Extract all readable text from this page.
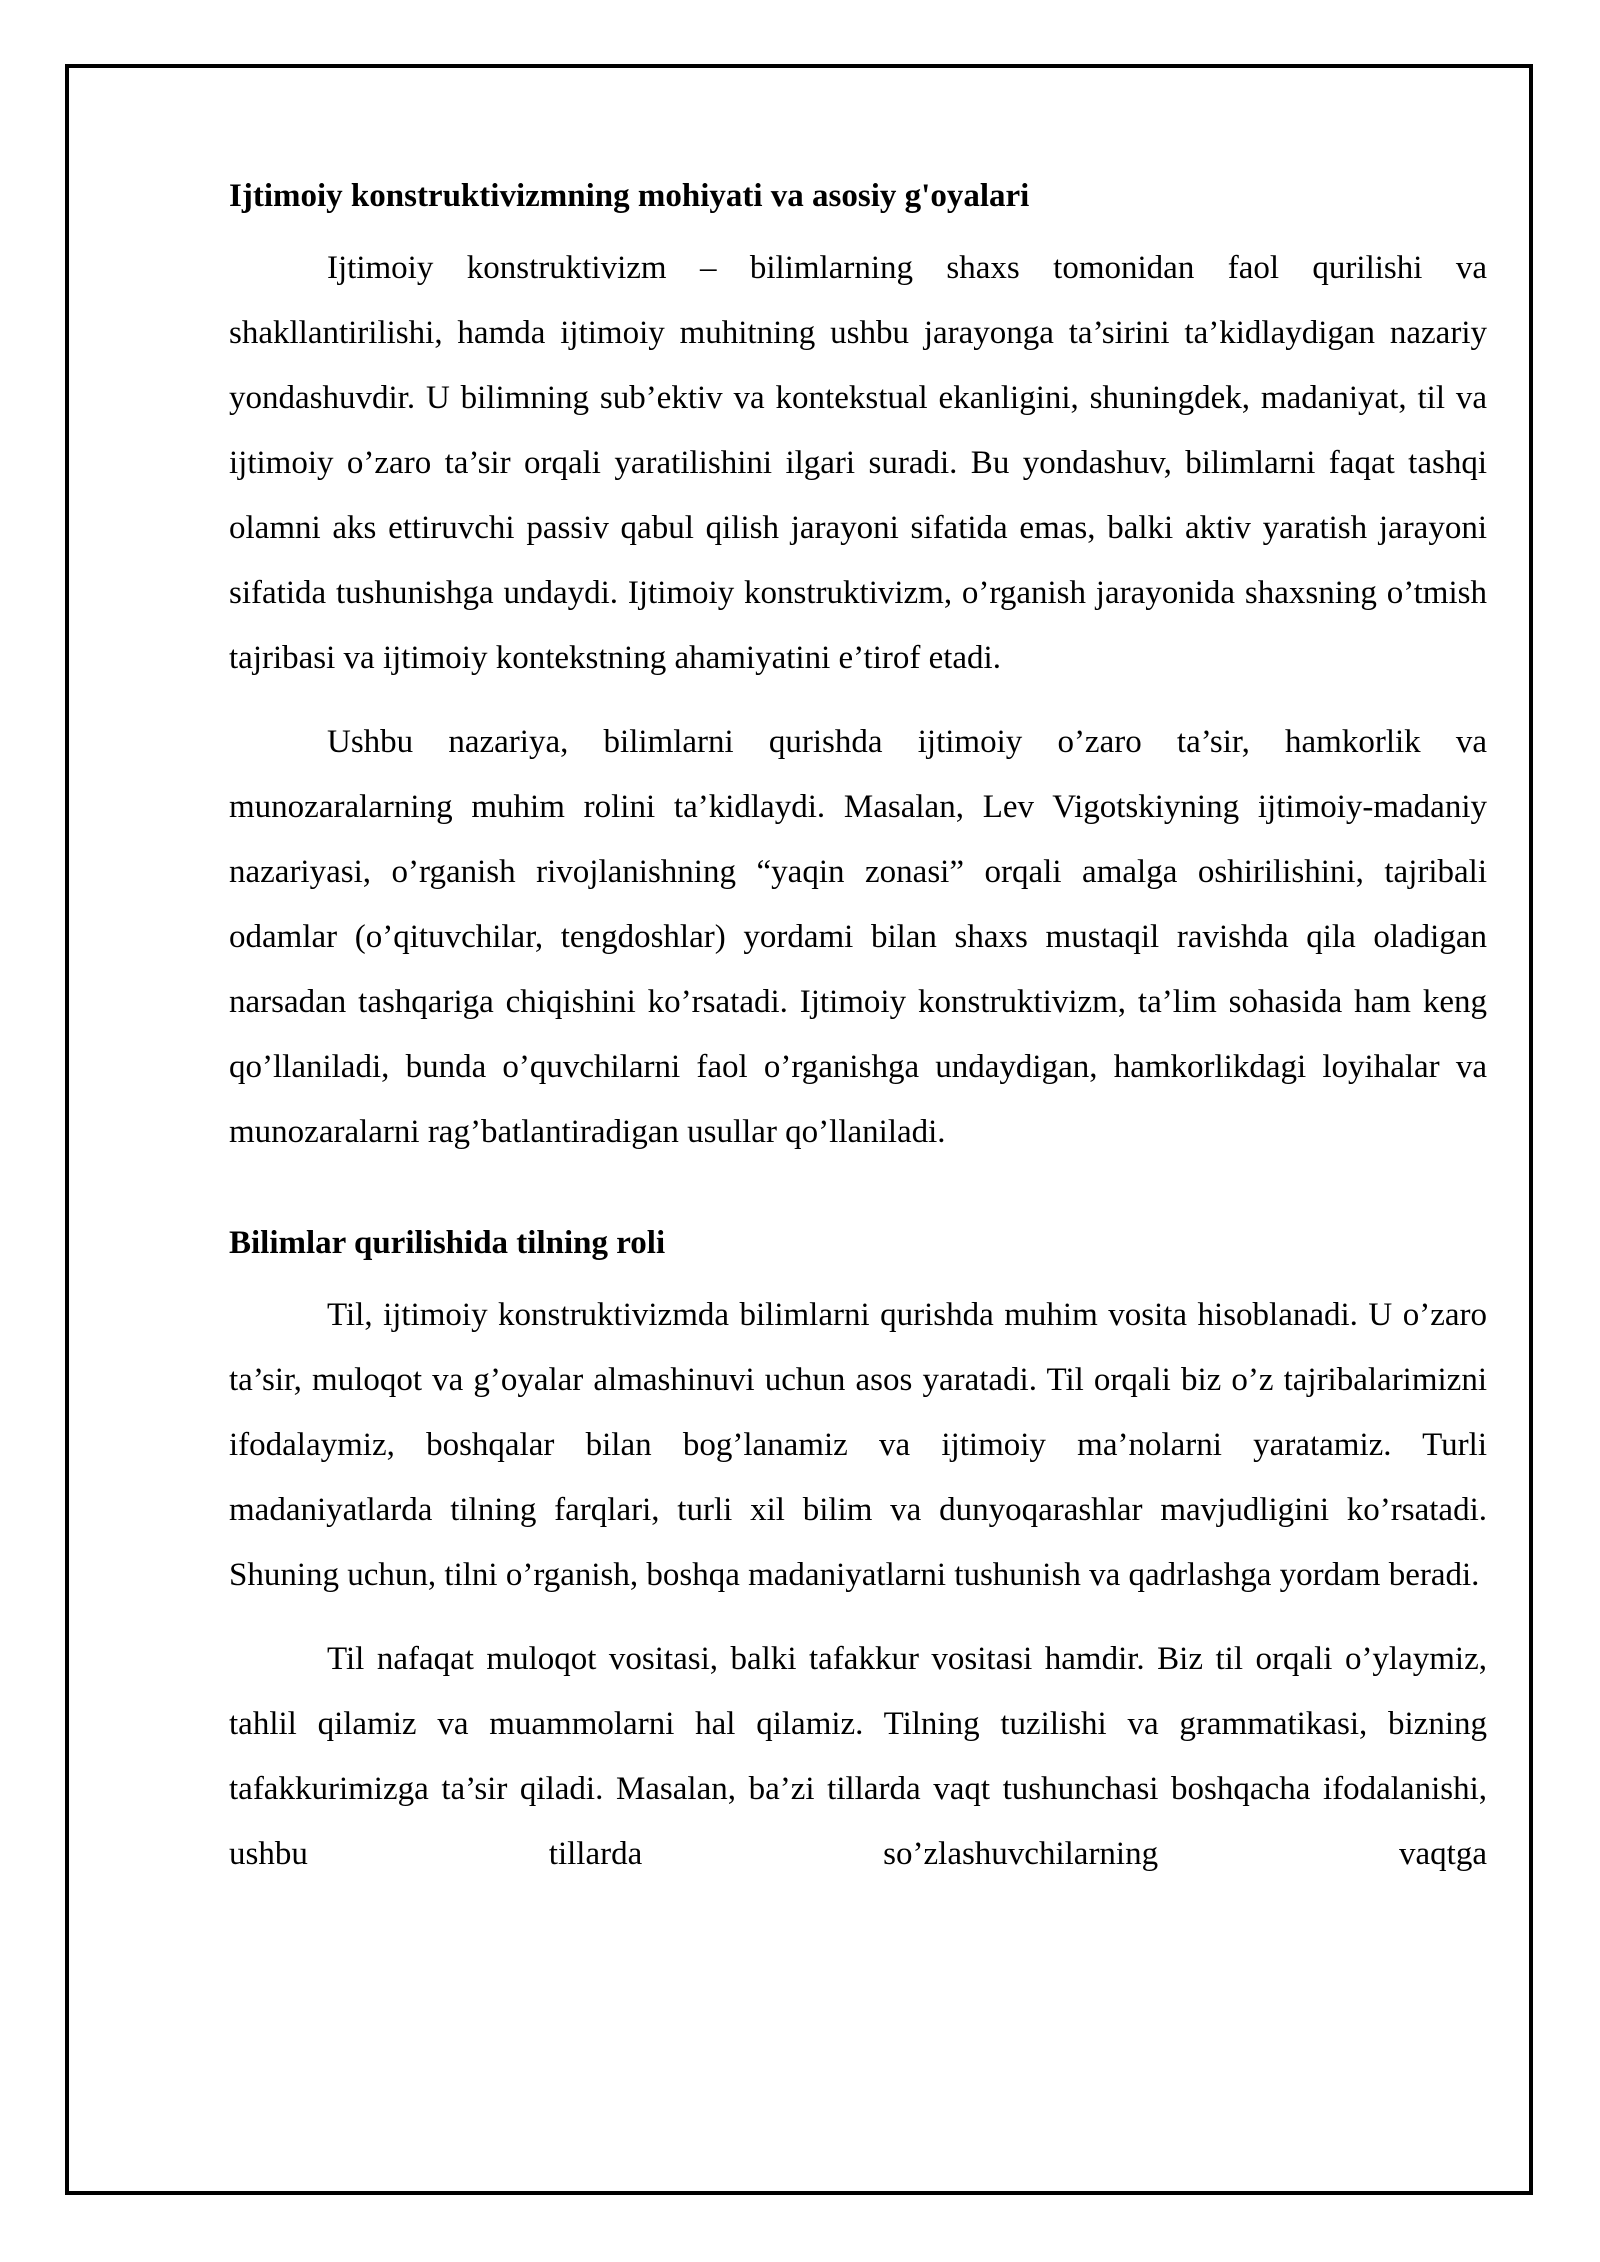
Ijtimoiy konstruktivizmning mohiyati va asosiy g'oyalari

Ijtimoiy konstruktivizm – bilimlarning shaxs tomonidan faol qurilishi va shakllantirilishi, hamda ijtimoiy muhitning ushbu jarayonga ta’sirini ta’kidlaydigan nazariy yondashuvdir. U bilimning sub’ektiv va kontekstual ekanligini, shuningdek, madaniyat, til va ijtimoiy o’zaro ta’sir orqali yaratilishini ilgari suradi. Bu yondashuv, bilimlarni faqat tashqi olamni aks ettiruvchi passiv qabul qilish jarayoni sifatida emas, balki aktiv yaratish jarayoni sifatida tushunishga undaydi. Ijtimoiy konstruktivizm, o’rganish jarayonida shaxsning o’tmish tajribasi va ijtimoiy kontekstning ahamiyatini e’tirof etadi.

Ushbu nazariya, bilimlarni qurishda ijtimoiy o’zaro ta’sir, hamkorlik va munozaralarning muhim rolini ta’kidlaydi. Masalan, Lev Vigotskiyning ijtimoiy-madaniy nazariyasi, o’rganish rivojlanishning “yaqin zonasi” orqali amalga oshirilishini, tajribali odamlar (o’qituvchilar, tengdoshlar) yordami bilan shaxs mustaqil ravishda qila oladigan narsadan tashqariga chiqishini ko’rsatadi. Ijtimoiy konstruktivizm, ta’lim sohasida ham keng qo’llaniladi, bunda o’quvchilarni faol o’rganishga undaydigan, hamkorlikdagi loyihalar va munozaralarni rag’batlantiradigan usullar qo’llaniladi.

Bilimlar qurilishida tilning roli

Til, ijtimoiy konstruktivizmda bilimlarni qurishda muhim vosita hisoblanadi. U o’zaro ta’sir, muloqot va g’oyalar almashinuvi uchun asos yaratadi. Til orqali biz o’z tajribalarimizni ifodalaymiz, boshqalar bilan bog’lanamiz va ijtimoiy ma’nolarni yaratamiz. Turli madaniyatlarda tilning farqlari, turli xil bilim va dunyoqarashlar mavjudligini ko’rsatadi. Shuning uchun, tilni o’rganish, boshqa madaniyatlarni tushunish va qadrlashga yordam beradi.

Til nafaqat muloqot vositasi, balki tafakkur vositasi hamdir. Biz til orqali o’ylaymiz, tahlil qilamiz va muammolarni hal qilamiz. Tilning tuzilishi va grammatikasi, bizning tafakkurimizga ta’sir qiladi. Masalan, ba’zi tillarda vaqt tushunchasi boshqacha ifodalanishi, ushbu tillarda so’zlashuvchilarning vaqtga
